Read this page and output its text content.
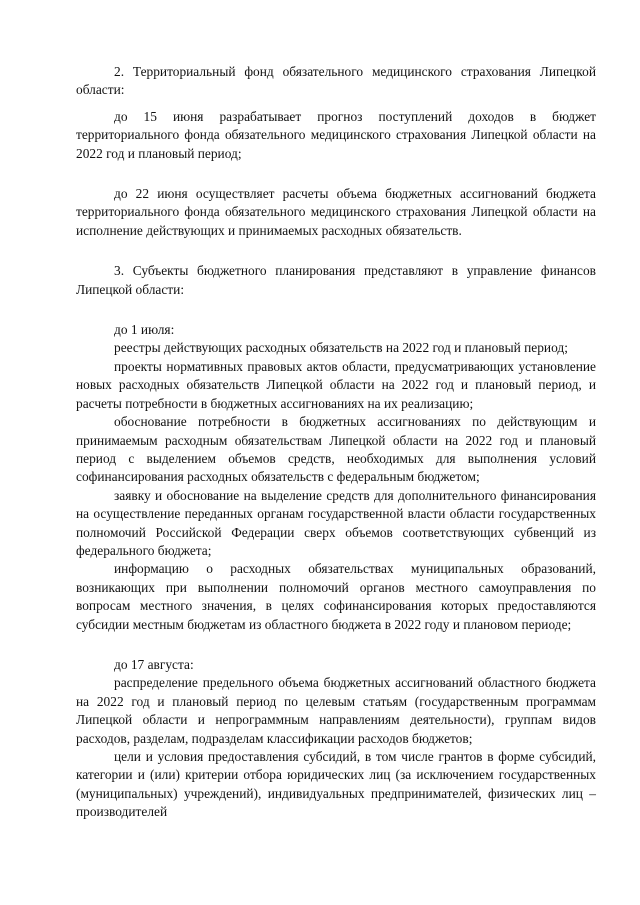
2. Территориальный фонд обязательного медицинского страхования Липецкой области:

до 15 июня разрабатывает прогноз поступлений доходов в бюджет территориального фонда обязательного медицинского страхования Липецкой области на 2022 год и плановый период;

до 22 июня осуществляет расчеты объема бюджетных ассигнований бюджета территориального фонда обязательного медицинского страхования Липецкой области на исполнение действующих и принимаемых расходных обязательств.

3. Субъекты бюджетного планирования представляют в управление финансов Липецкой области:

до 1 июля:

реестры действующих расходных обязательств на 2022 год и плановый период;

проекты нормативных правовых актов области, предусматривающих установление новых расходных обязательств Липецкой области на 2022 год и плановый период, и расчеты потребности в бюджетных ассигнованиях на их реализацию;

обоснование потребности в бюджетных ассигнованиях по действующим и принимаемым расходным обязательствам Липецкой области на 2022 год и плановый период с выделением объемов средств, необходимых для выполнения условий софинансирования расходных обязательств с федеральным бюджетом;

заявку и обоснование на выделение средств для дополнительного финансирования на осуществление переданных органам государственной власти области государственных полномочий Российской Федерации сверх объемов соответствующих субвенций из федерального бюджета;

информацию о расходных обязательствах муниципальных образований, возникающих при выполнении полномочий органов местного самоуправления по вопросам местного значения, в целях софинансирования которых предоставляются субсидии местным бюджетам из областного бюджета в 2022 году и плановом периоде;

до 17 августа:

распределение предельного объема бюджетных ассигнований областного бюджета на 2022 год и плановый период по целевым статьям (государственным программам Липецкой области и непрограммным направлениям деятельности), группам видов расходов, разделам, подразделам классификации расходов бюджетов;

цели и условия предоставления субсидий, в том числе грантов в форме субсидий, категории и (или) критерии отбора юридических лиц (за исключением государственных (муниципальных) учреждений), индивидуальных предпринимателей, физических лиц – производителей
